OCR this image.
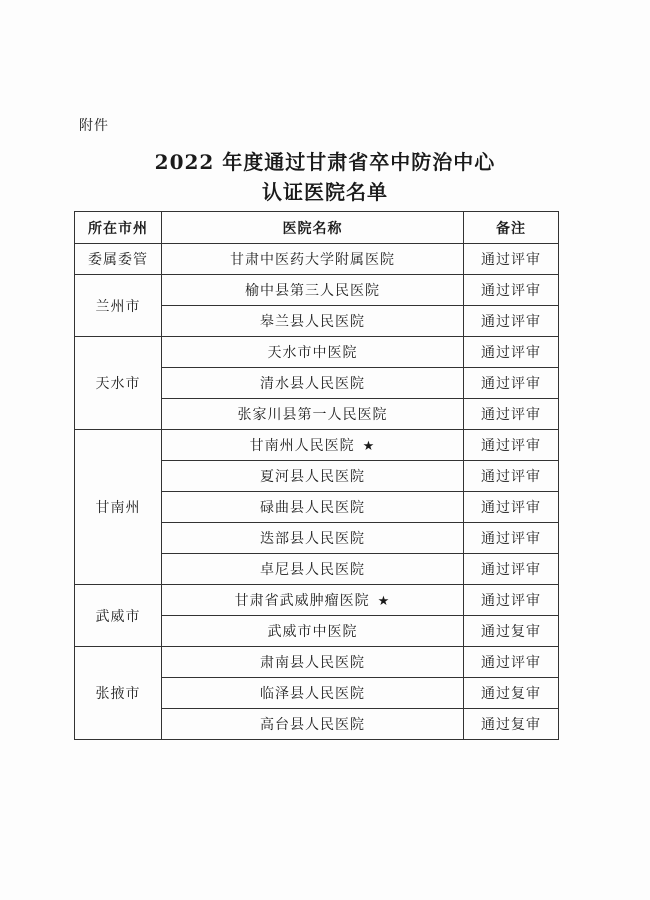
附件
2022 年度通过甘肃省卒中防治中心
认证医院名单
所在市州	医院名称	备注
委属委管	甘肃中医药大学附属医院	通过评审
兰州市	榆中县第三人民医院	通过评审
	皋兰县人民医院	通过评审
天水市	天水市中医院	通过评审
	清水县人民医院	通过评审
	张家川县第一人民医院	通过评审
甘南州	甘南州人民医院 ★	通过评审
	夏河县人民医院	通过评审
	碌曲县人民医院	通过评审
	迭部县人民医院	通过评审
	卓尼县人民医院	通过评审
武威市	甘肃省武威肿瘤医院 ★	通过评审
	武威市中医院	通过复审
张掖市	肃南县人民医院	通过评审
	临泽县人民医院	通过复审
	高台县人民医院	通过复审
